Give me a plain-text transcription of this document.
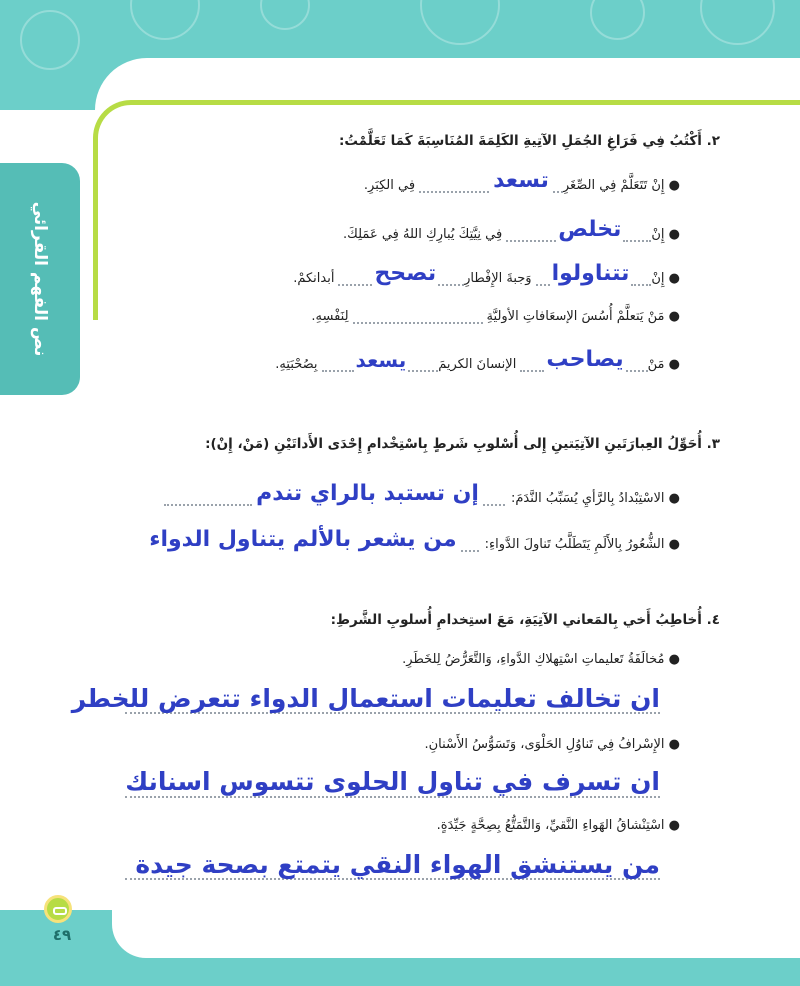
نص الفهم القرائي
٢. أَكْتُبُ فِي فَرَاغِ الجُمَلِ الآتِيةِ الكَلِمَةَ المُنَاسِبَةَ كَمَا تَعَلَّمْتُ:
●
إِنْ تَتَعَلَّمْ فِي الصِّغَرِ
تسعد
فِي الكِبَرِ.
●
إِنْ
تخلص
فِي نِيَّتِكَ يُبارِكِ اللهُ فِي عَمَلِكَ.
●
إِنْ
تتناولوا
وَجبةَ الإِفْطارِ
تصحح
أبدانكمْ.
●
مَنْ يَتعلَّمْ أُسُسَ الإسعَافاتِ الأوليَّةِ
لِنَفْسِهِ.
●
مَنْ
يصاحب
الإنسانَ الكريمَ
يسعد
بِصُحْبَتِهِ.
٣. أُحَوِّلُ العِبارَتَينِ الآتِيَتينِ إِلى أُسْلوبِ شَرطٍ بِاسْتِخْدامِ إِحْدَى الأَداتَيْنِ (مَنْ، إِنْ):
●
الاسْتِبْدادُ بِالرَّأيِ يُسَبِّبُ النَّدَمَ:
إن تستبد بالراي تندم
●
الشُّعُورُ بِالأَلَمِ يَتَطَلَّبُ تَناولَ الدَّواءِ:
من يشعر بالألم يتناول الدواء
٤. أُخاطِبُ أَخي بِالمَعاني الآتِيَةِ، مَعَ استِخدامِ أُسلوبِ الشَّرطِ:
● مُخالَفَةُ تَعليماتِ اسْتِهلاكِ الدَّواءِ، وَالتَّعَرُّضُ لِلخَطَرِ.
ان تخالف تعليمات استعمال الدواء تتعرض للخطر
● الإِسْرافُ فِي تَناوُلِ الحَلْوَى، وَتَسَوُّسُ الأَسْنانِ.
ان تسرف في تناول الحلوى تتسوس اسنانك
● اسْتِنْشاقُ الهَواءِ النَّقيِّ، وَالتَّمَتُّعُ بِصِحَّةٍ جَيِّدَةٍ.
من يستنشق الهواء النقي يتمتع بصحة جيدة
٤٩
